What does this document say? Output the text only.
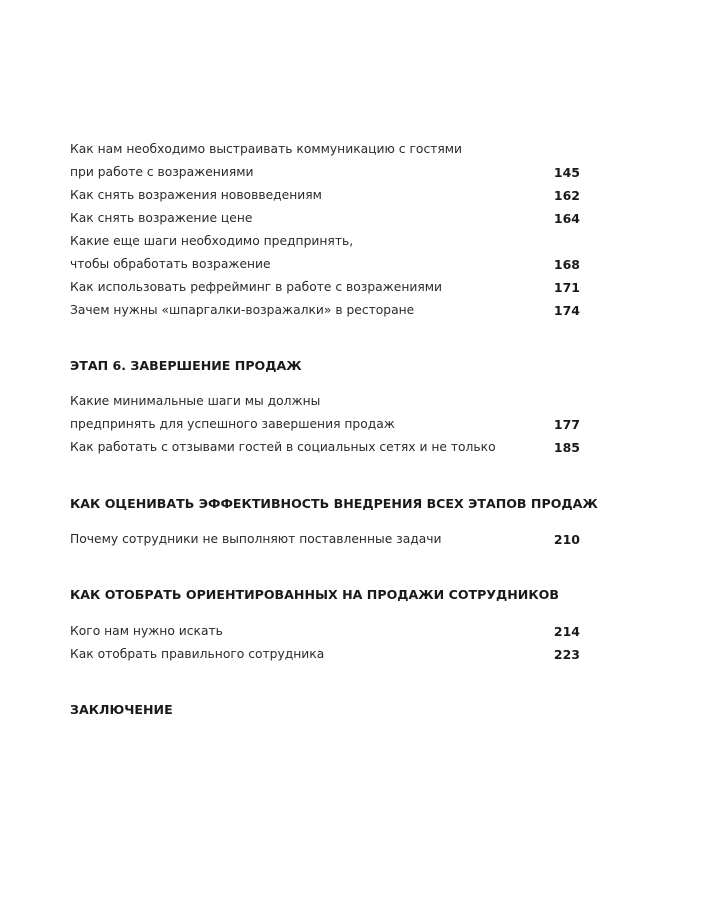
Как нам необходимо выстраивать коммуникацию с гостями
при работе с возражениями	145
Как снять возражения нововведениям	162
Как снять возражение цене	164
Какие еще шаги необходимо предпринять,
чтобы обработать возражение	168
Как использовать рефрейминг в работе с возражениями	171
Зачем нужны «шпаргалки-возражалки» в ресторане	174
ЭТАП 6. ЗАВЕРШЕНИЕ ПРОДАЖ
Какие минимальные шаги мы должны
предпринять для успешного завершения продаж	177
Как работать с отзывами гостей в социальных сетях и не только	185
КАК ОЦЕНИВАТЬ ЭФФЕКТИВНОСТЬ ВНЕДРЕНИЯ ВСЕХ ЭТАПОВ ПРОДАЖ
Почему сотрудники не выполняют поставленные задачи	210
КАК ОТОБРАТЬ ОРИЕНТИРОВАННЫХ НА ПРОДАЖИ СОТРУДНИКОВ
Кого нам нужно искать	214
Как отобрать правильного сотрудника	223
ЗАКЛЮЧЕНИЕ
